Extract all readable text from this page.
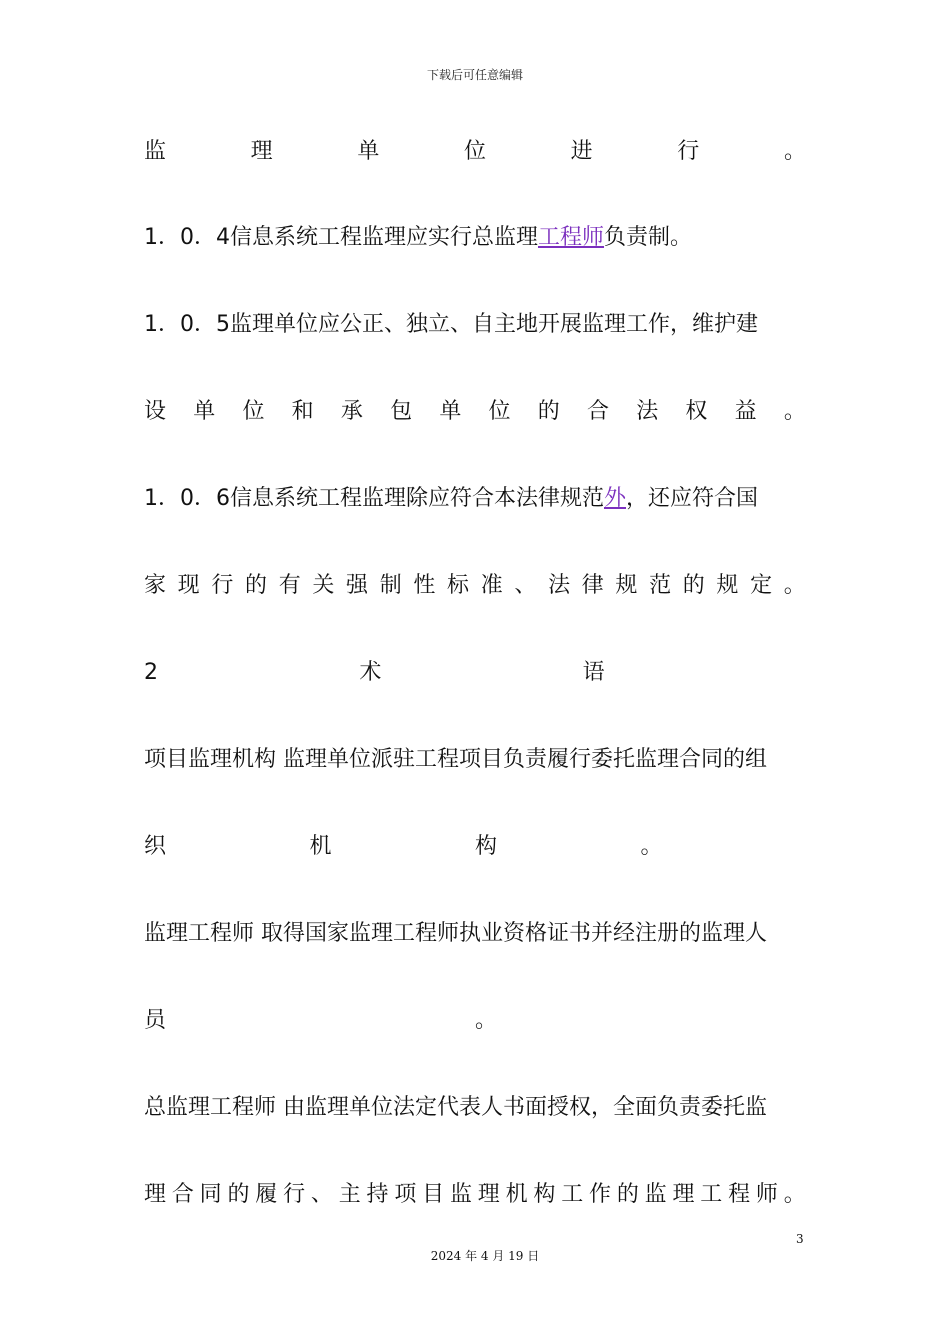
下载后可任意编辑
监	理	单	位	进	行	。
1．0．4信息系统工程监理应实行总监理工程师负责制。
1．0．5监理单位应公正、独立、自主地开展监理工作，维护建
设 单 位 和 承 包 单 位 的 合 法 权 益 。
1．0．6信息系统工程监理除应符合本法律规范外，还应符合国
家 现 行 的 有 关 强 制 性 标 准 、 法 律 规 范 的 规 定 。
2	术	语
项目监理机构 监理单位派驻工程项目负责履行委托监理合同的组
织	机	构	。
监理工程师 取得国家监理工程师执业资格证书并经注册的监理人
员	。
总监理工程师 由监理单位法定代表人书面授权，全面负责委托监
理 合 同 的 履 行 、 主 持 项 目 监 理 机 构 工 作 的 监 理 工 程 师 。
3
2024 年 4 月 19 日
